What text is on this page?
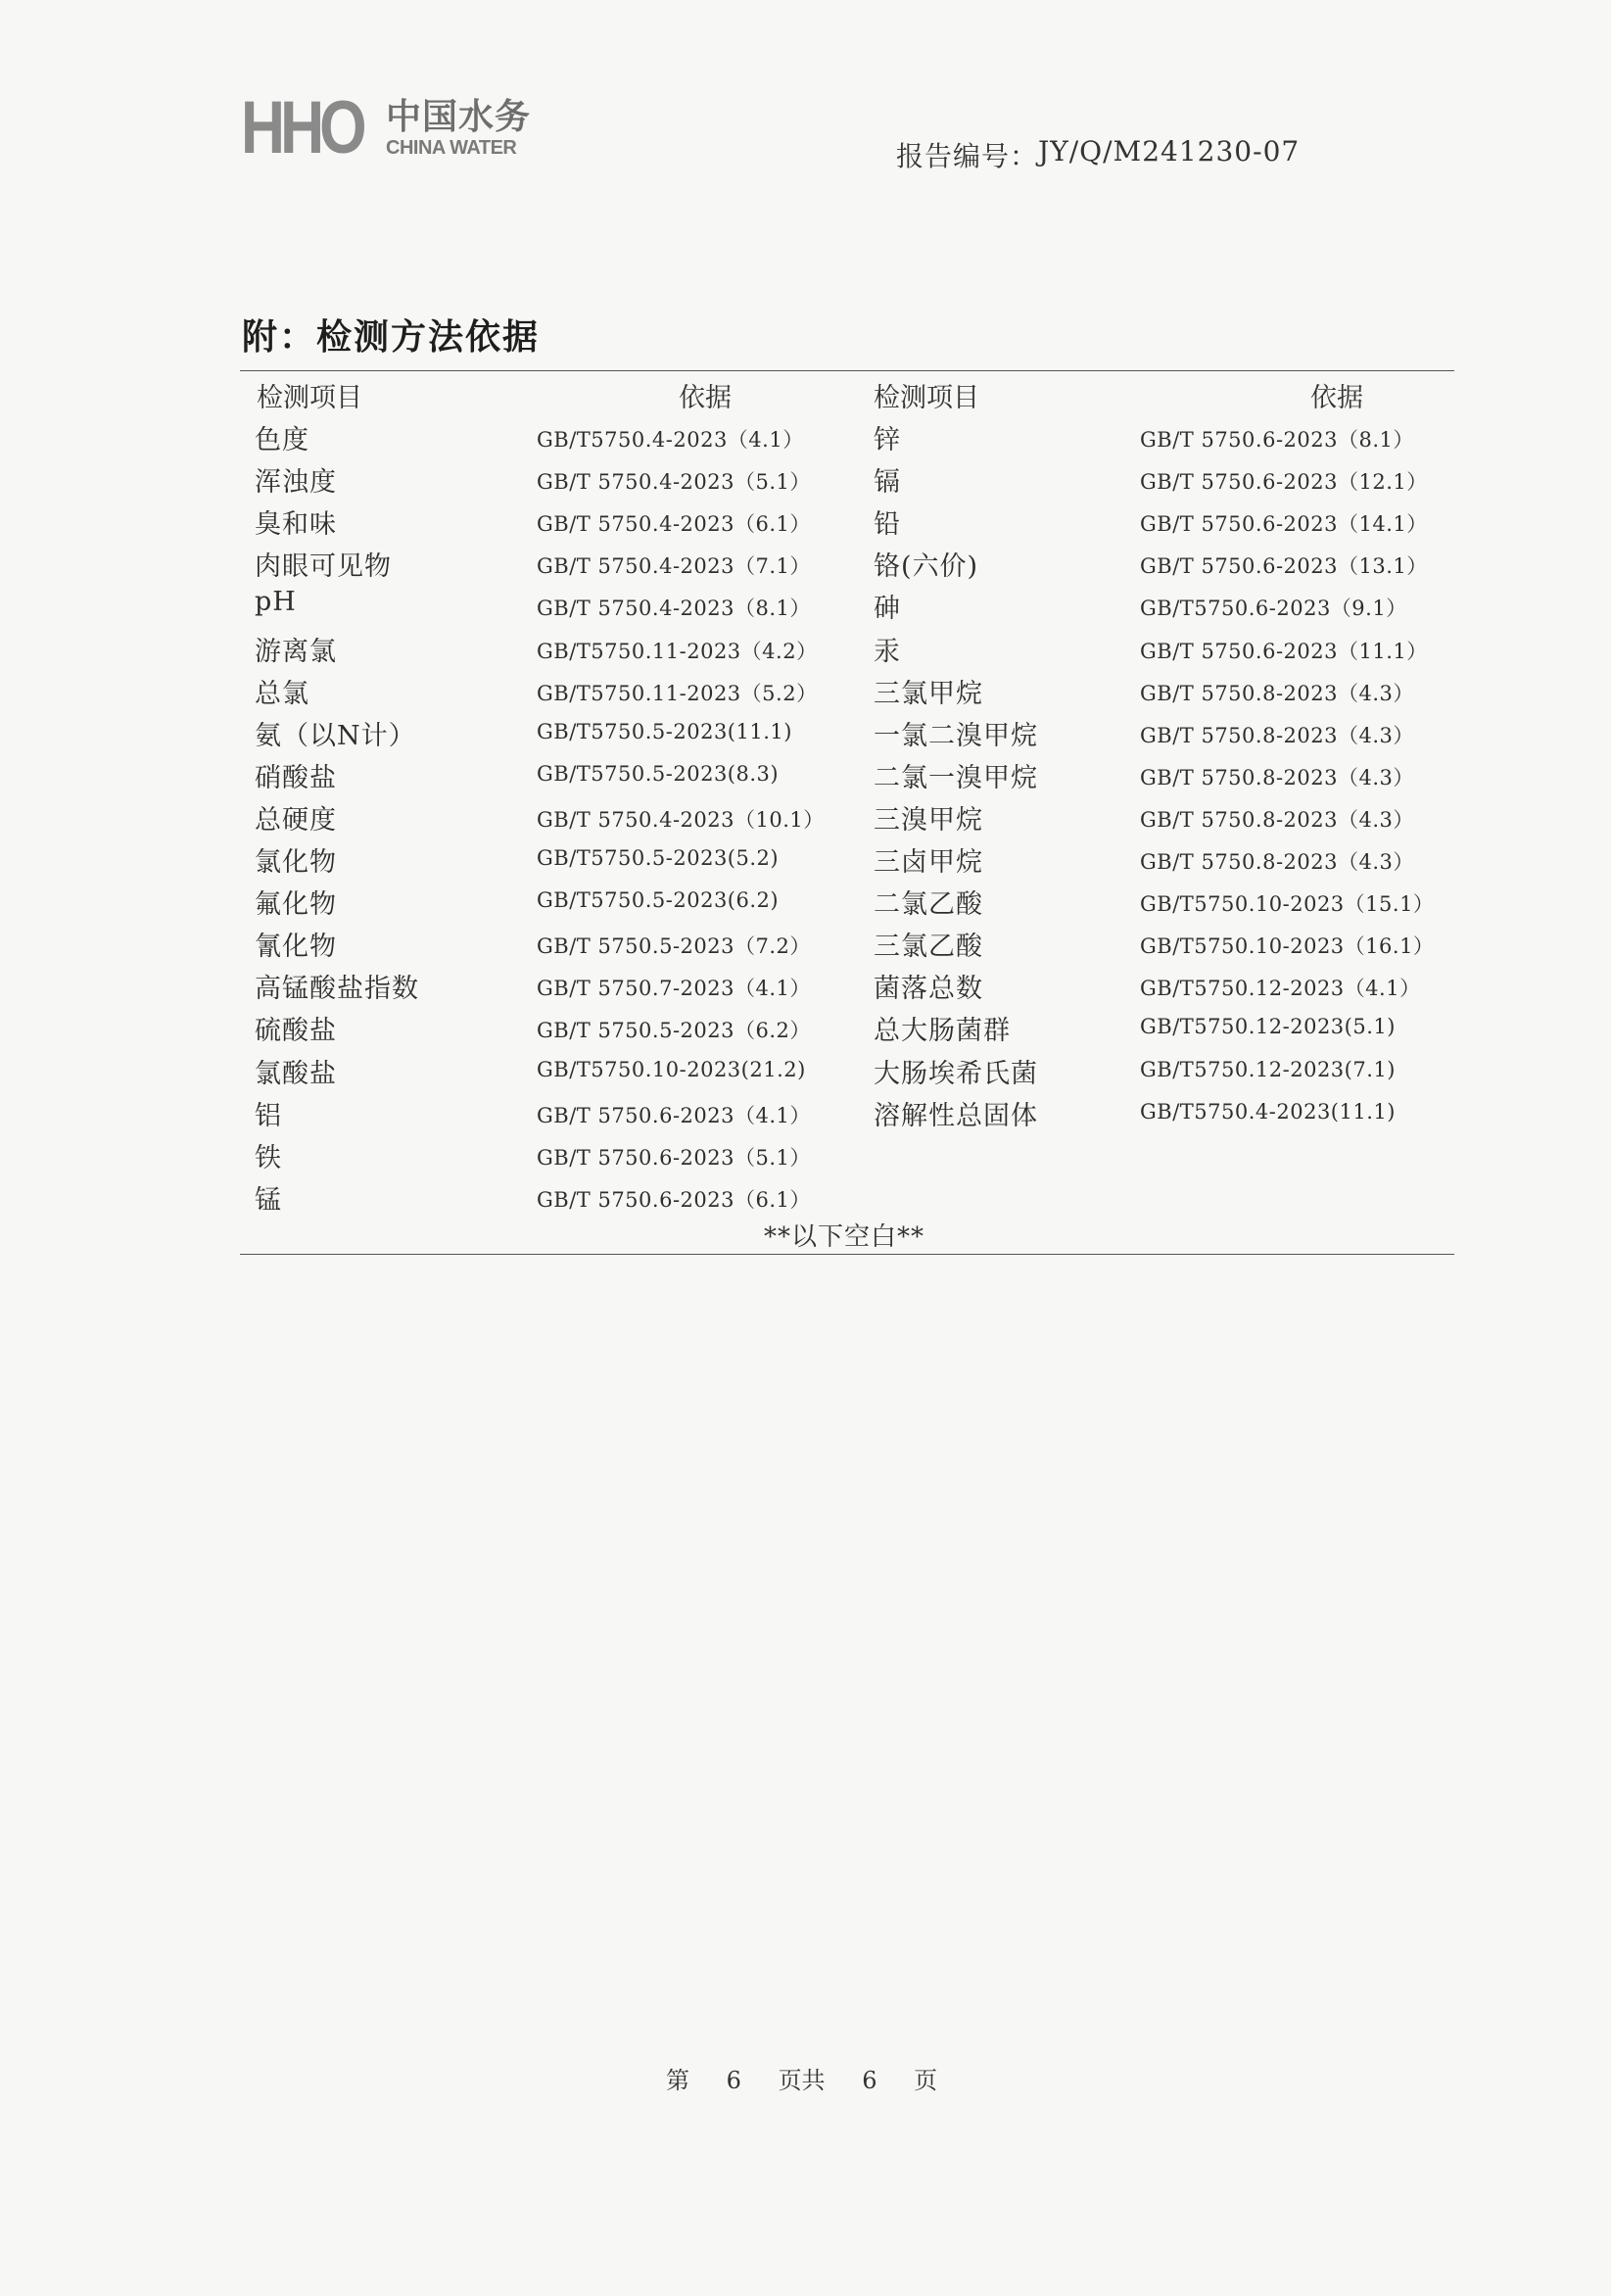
HHO 中国水务
CHINA WATER	报告编号： JY/Q/M241230-07
附：检测方法依据
检测项目	依据	检测项目	依据
色度	GB/T5750.4-2023（4.1）	锌	GB/T 5750.6-2023（8.1）
浑浊度	GB/T 5750.4-2023（5.1） 镉	GB/T 5750.6-2023（12.1）
臭和味	GB/T 5750.4-2023（6.1） 铅	GB/T 5750.6-2023（14.1）
肉眼可见物	GB/T 5750.4-2023（7.1） 铬(六价)	GB/T 5750.6-2023（13.1）
pH	GB/T 5750.4-2023（8.1） 砷	GB/T5750.6-2023（9.1）
游离氯	GB/T5750.11-2023（4.2） 汞	GB/T 5750.6-2023（11.1）
总氯	GB/T5750.11-2023（5.2） 三氯甲烷	GB/T 5750.8-2023（4.3）
氨（以N计）	GB/T5750.5-2023(11.1)	一氯二溴甲烷	GB/T 5750.8-2023（4.3）
硝酸盐	GB/T5750.5-2023(8.3)	二氯一溴甲烷	GB/T 5750.8-2023（4.3）
总硬度	GB/T 5750.4-2023（10.1） 三溴甲烷	GB/T 5750.8-2023（4.3）
氯化物	GB/T5750.5-2023(5.2)	三卤甲烷	GB/T 5750.8-2023（4.3）
氟化物	GB/T5750.5-2023(6.2)	二氯乙酸	GB/T5750.10-2023（15.1）
氰化物	GB/T 5750.5-2023（7.2） 三氯乙酸	GB/T5750.10-2023（16.1）
高锰酸盐指数	GB/T 5750.7-2023（4.1） 菌落总数	GB/T5750.12-2023（4.1）
硫酸盐	GB/T 5750.5-2023（6.2） 总大肠菌群	GB/T5750.12-2023(5.1)
氯酸盐	GB/T5750.10-2023(21.2)	大肠埃希氏菌	GB/T5750.12-2023(7.1)
铝	GB/T 5750.6-2023（4.1） 溶解性总固体	GB/T5750.4-2023(11.1)
铁	GB/T 5750.6-2023（5.1）
锰	GB/T 5750.6-2023（6.1）
**以下空白**
第 6 页共 6 页
